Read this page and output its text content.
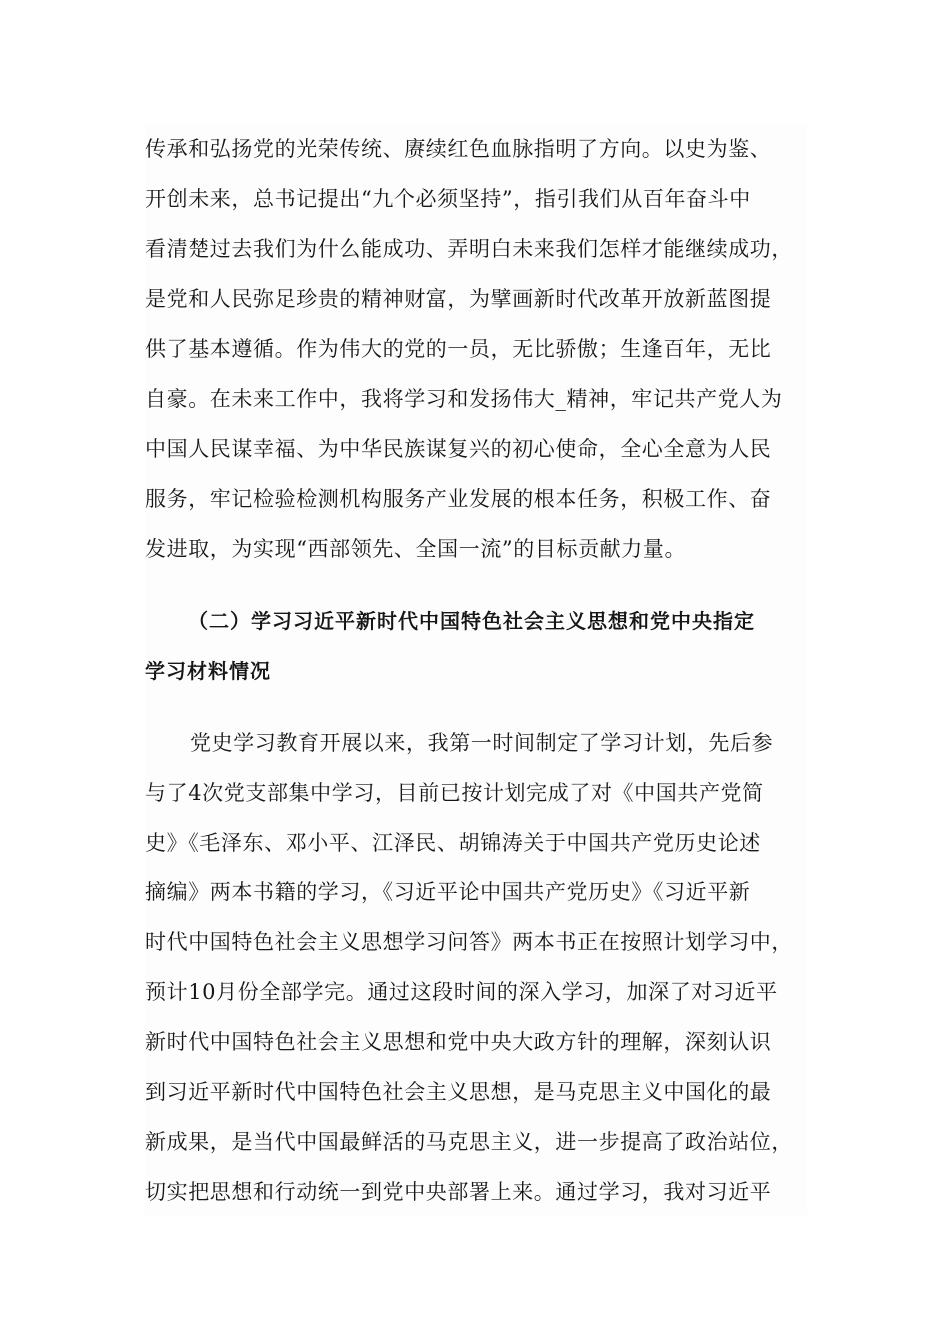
传承和弘扬党的光荣传统、赓续红色血脉指明了方向。以史为鉴、
开创未来，总书记提出“九个必须坚持”，指引我们从百年奋斗中
看清楚过去我们为什么能成功、弄明白未来我们怎样才能继续成功，
是党和人民弥足珍贵的精神财富，为擘画新时代改革开放新蓝图提
供了基本遵循。作为伟大的党的一员，无比骄傲；生逢百年，无比
自豪。在未来工作中，我将学习和发扬伟大_精神，牢记共产党人为
中国人民谋幸福、为中华民族谋复兴的初心使命，全心全意为人民
服务，牢记检验检测机构服务产业发展的根本任务，积极工作、奋
发进取，为实现“西部领先、全国一流”的目标贡献力量。
（二）学习习近平新时代中国特色社会主义思想和党中央指定
学习材料情况
党史学习教育开展以来，我第一时间制定了学习计划，先后参
与了4次党支部集中学习，目前已按计划完成了对《中国共产党简
史》《毛泽东、邓小平、江泽民、胡锦涛关于中国共产党历史论述
摘编》两本书籍的学习，《习近平论中国共产党历史》《习近平新
时代中国特色社会主义思想学习问答》两本书正在按照计划学习中，
预计10月份全部学完。通过这段时间的深入学习，加深了对习近平
新时代中国特色社会主义思想和党中央大政方针的理解，深刻认识
到习近平新时代中国特色社会主义思想，是马克思主义中国化的最
新成果，是当代中国最鲜活的马克思主义，进一步提高了政治站位，
切实把思想和行动统一到党中央部署上来。通过学习，我对习近平
